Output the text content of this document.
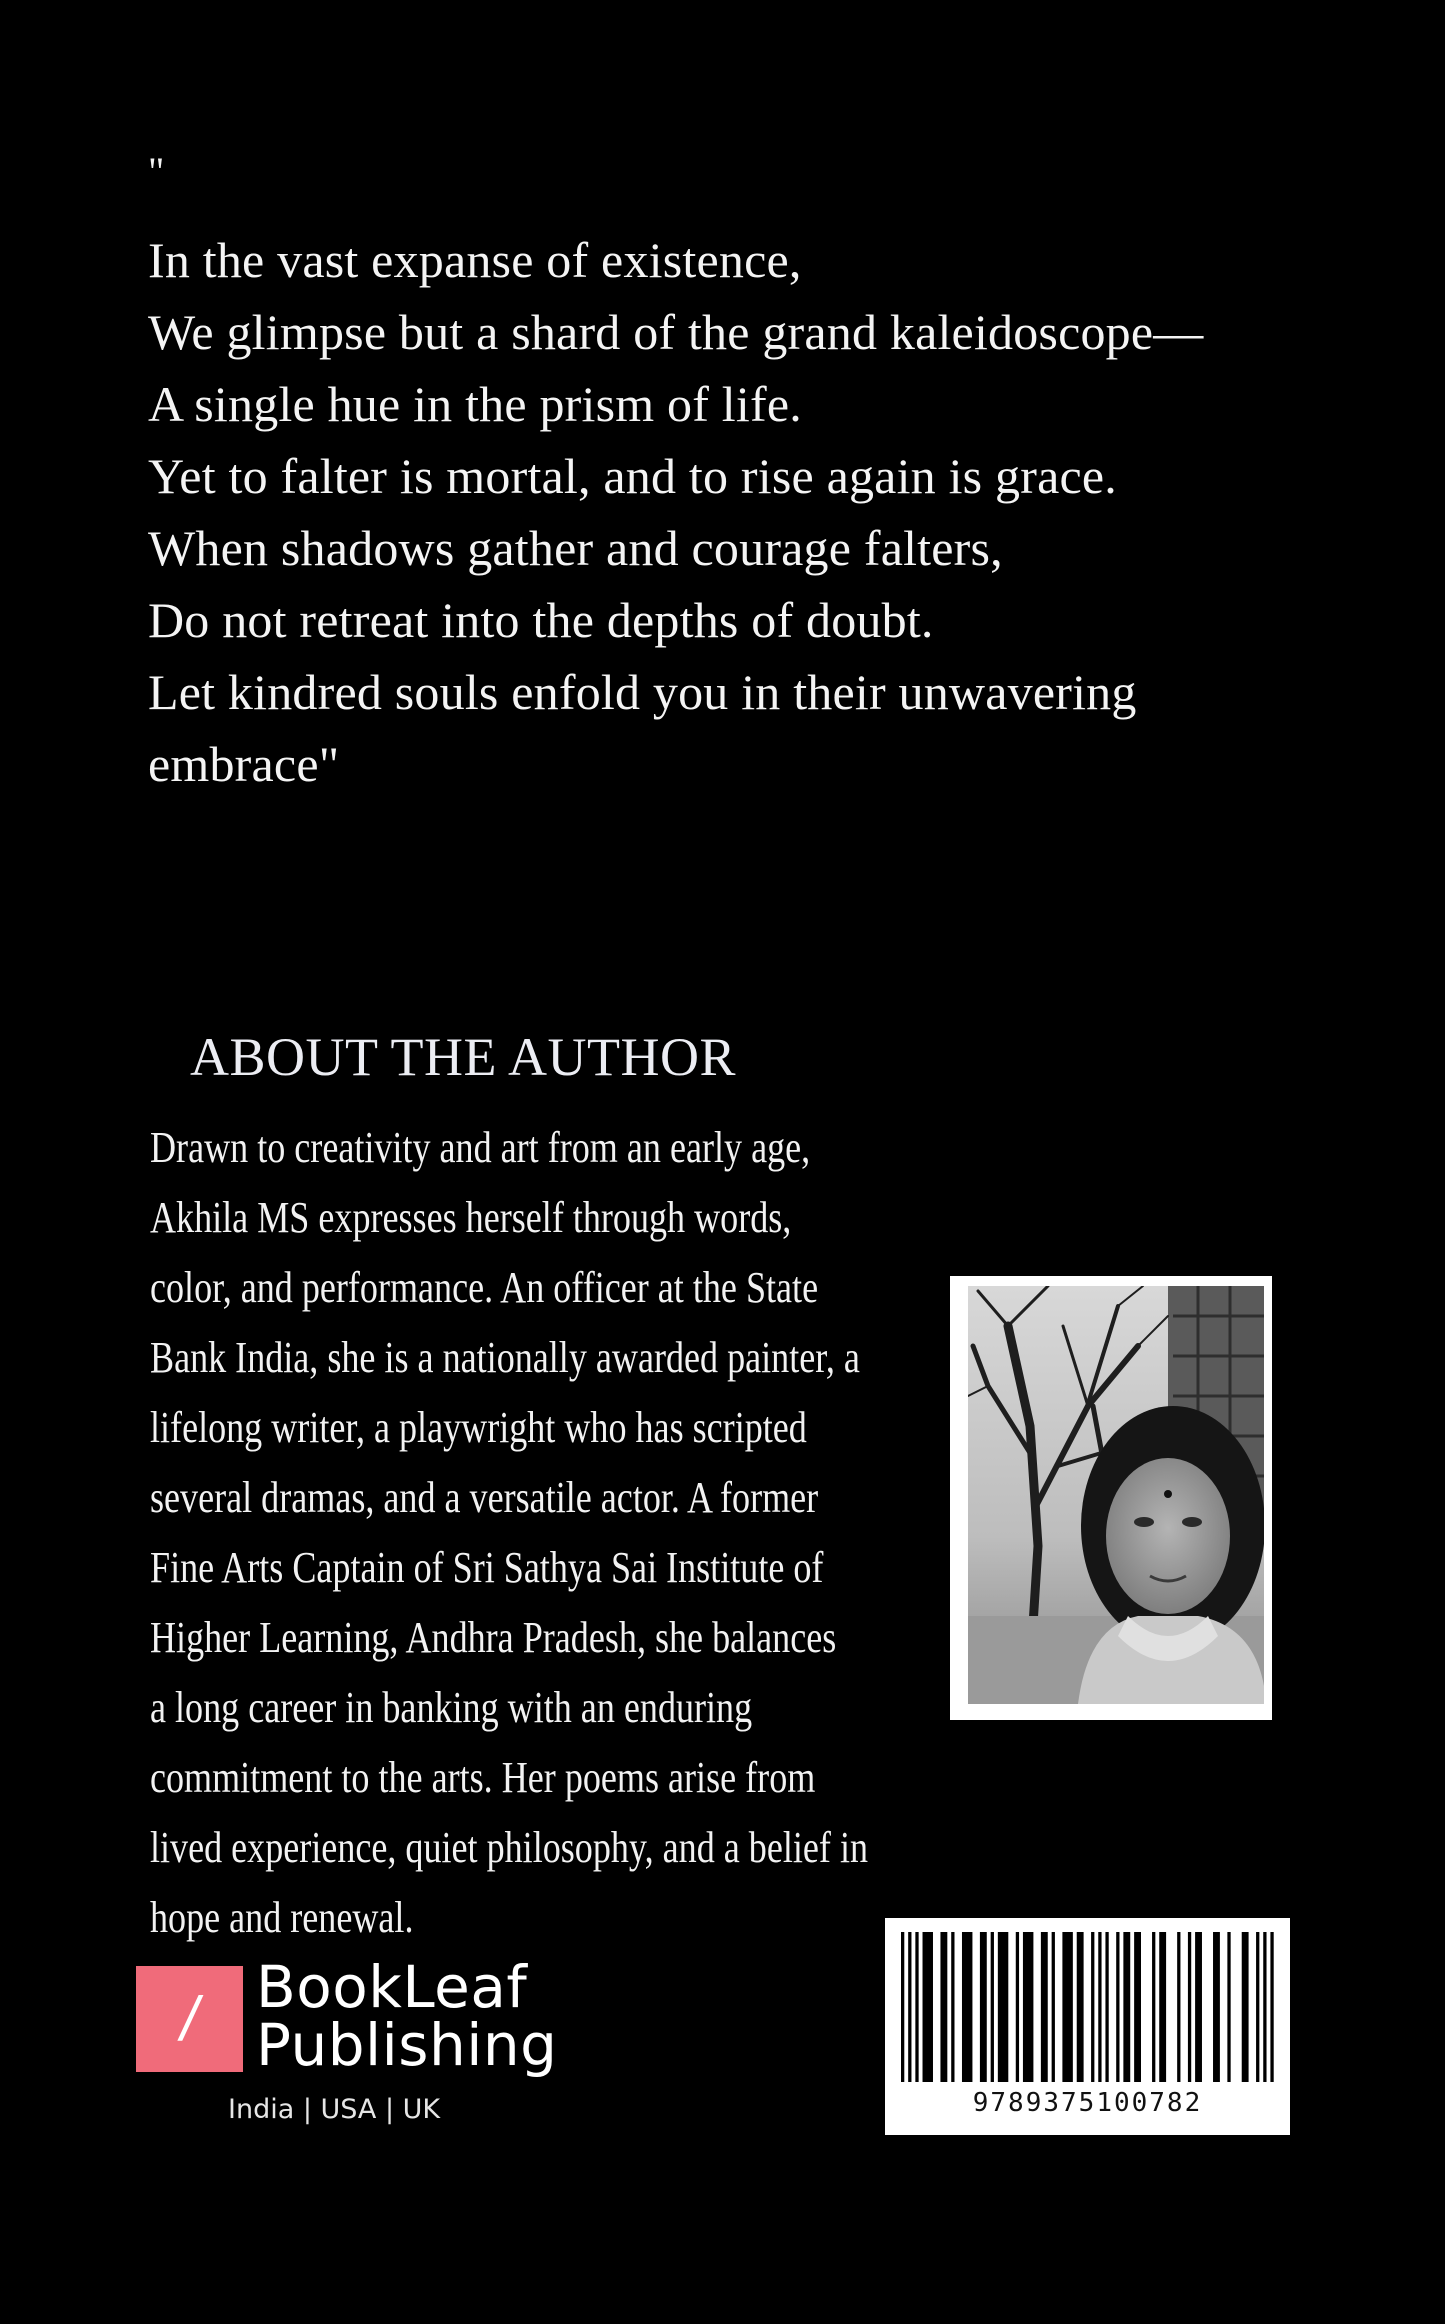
"
In the vast expanse of existence,
We glimpse but a shard of the grand kaleidoscope—
A single hue in the prism of life.
Yet to falter is mortal, and to rise again is grace.
When shadows gather and courage falters,
Do not retreat into the depths of doubt.
Let kindred souls enfold you in their unwavering
embrace"
ABOUT THE AUTHOR
Drawn to creativity and art from an early age,
Akhila MS expresses herself through words,
color, and performance. An officer at the State
Bank India, she is a nationally awarded painter, a
lifelong writer, a playwright who has scripted
several dramas, and a versatile actor. A former
Fine Arts Captain of Sri Sathya Sai Institute of
Higher Learning, Andhra Pradesh, she balances
a long career in banking with an enduring
commitment to the arts. Her poems arise from
lived experience, quiet philosophy, and a belief in
hope and renewal.
/ BookLeaf
Publishing
India | USA | UK	9789375100782
